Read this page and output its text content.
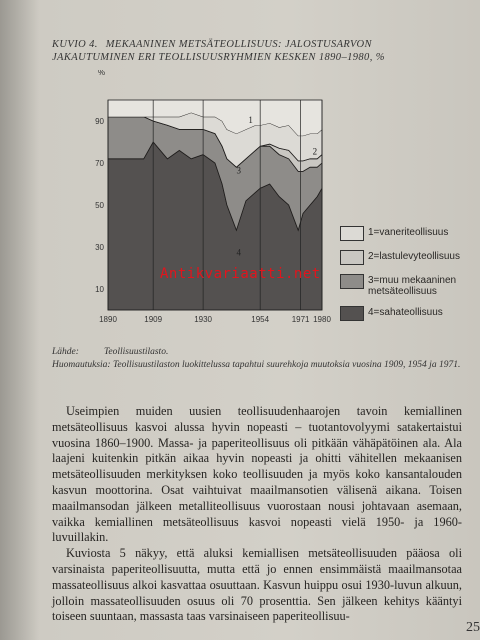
KUVIO 4. MEKAANINEN METSÄTEOLLISUUS: JALOSTUSARVON JAKAUTUMINEN ERI TEOLLISUUSRYHMIEN KESKEN 1890–1980, %
%
10
30
50
70
90
1890	1909	1930	1954	1971 1980
1
2
3
4
1=vaneriteollisuus
2=lastulevyteollisuus
3=muu mekaaninen metsäteollisuus
4=sahateollisuus
Lähde:	Teollisuustilasto.
Huomautuksia: Teollisuustilaston luokittelussa tapahtui suurehkoja muutoksia vuosina 1909, 1954 ja 1971.

Useimpien muiden uusien teollisuudenhaarojen tavoin kemiallinen metsäteollisuus kasvoi alussa hyvin nopeasti – tuotantovolyymi satakertaistui vuosina 1860–1900. Massa- ja paperiteollisuus oli pitkään vähäpätöinen ala. Ala laajeni kuitenkin pitkän aikaa hyvin nopeasti ja ohitti vähitellen mekaanisen metsäteollisuuden merkityksen koko teollisuuden ja myös koko kansantalouden kasvun moottorina. Osat vaihtuivat maailmansotien välisenä aikana. Toisen maailmansodan jälkeen metalliteollisuus vuorostaan nousi johtavaan asemaan, vaikka kemiallinen metsäteollisuus kasvoi nopeasti vielä 1950- ja 1960-luvuillakin.

Kuviosta 5 näkyy, että aluksi kemiallisen metsäteollisuuden pääosa oli varsinaista paperiteollisuutta, mutta että jo ennen ensimmäistä maailmansotaa massateollisuus alkoi kasvattaa osuuttaan. Kasvun huippu osui 1930-luvun alkuun, jolloin massateollisuuden osuus oli 70 prosenttia. Sen jälkeen kehitys kääntyi toiseen suuntaan, massasta taas varsinaiseen paperiteollisuu-

Antikvariaatti.net
25
